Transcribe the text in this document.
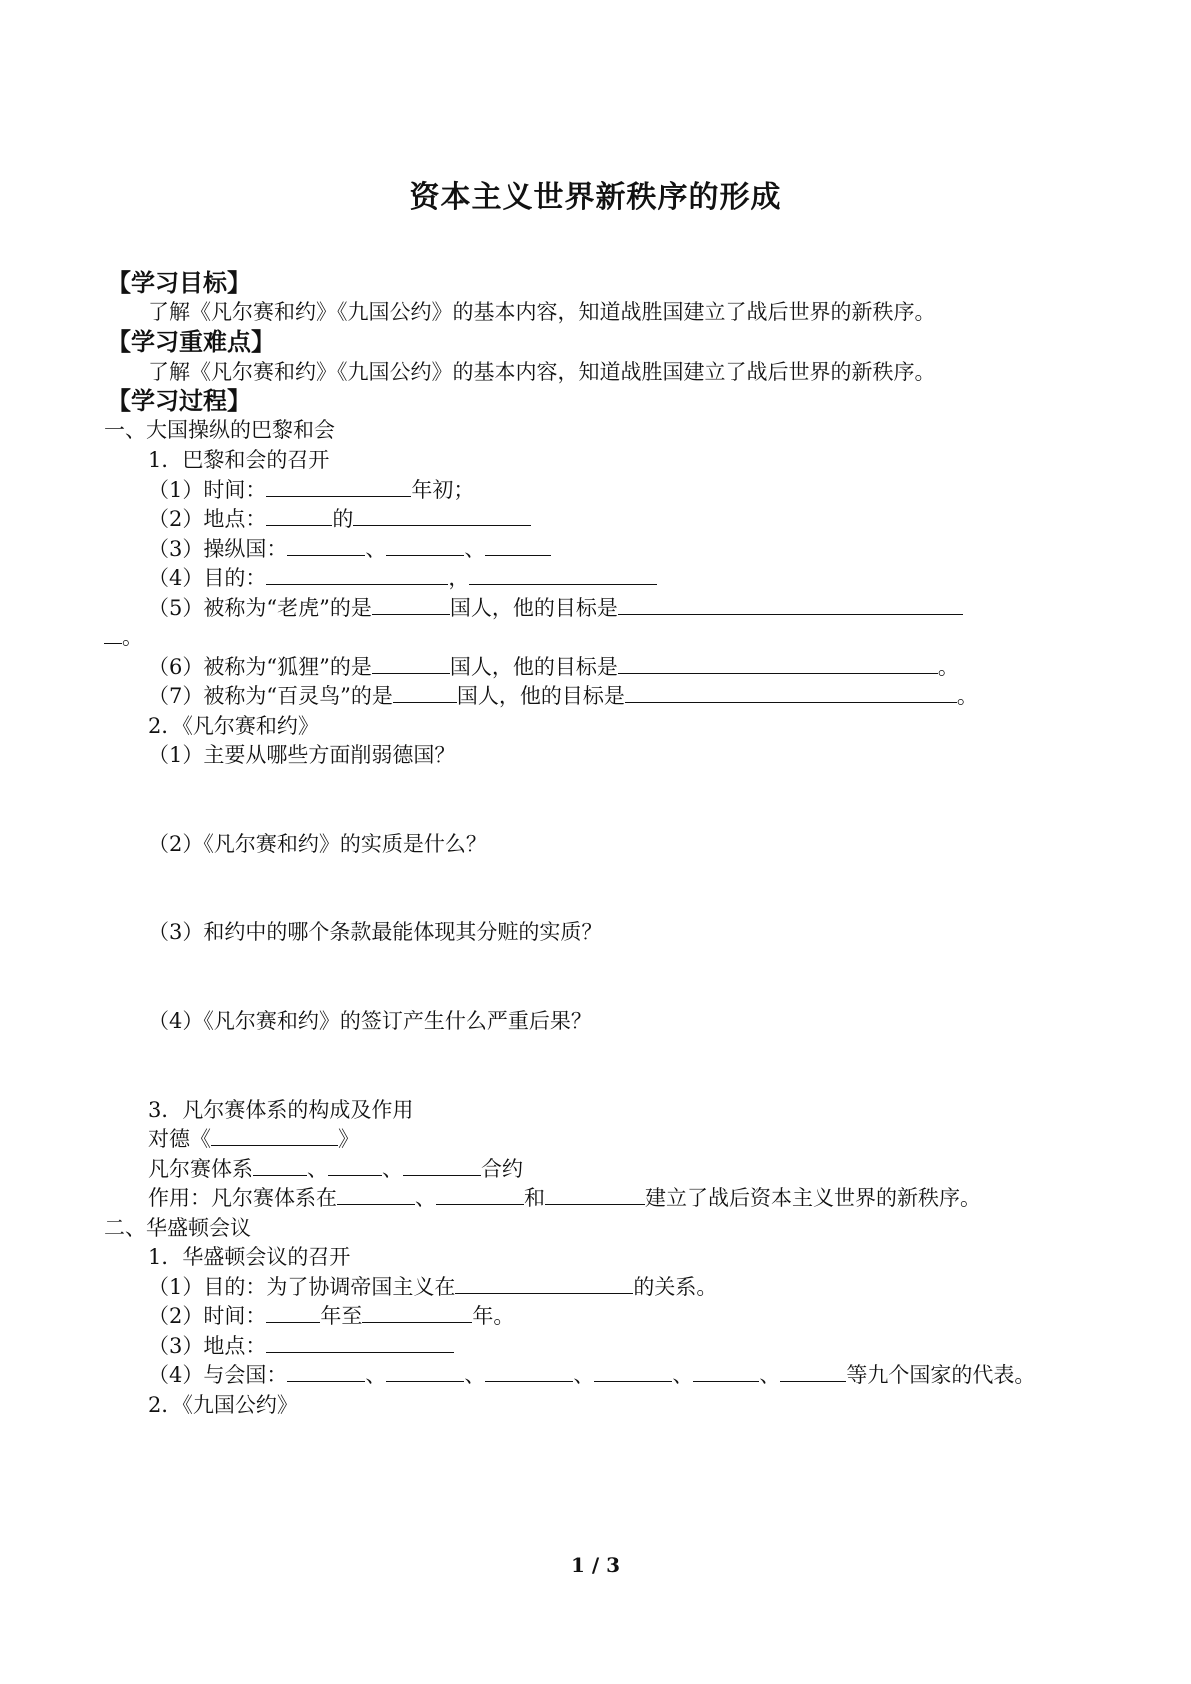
资本主义世界新秩序的形成
【学习目标】
了解《凡尔赛和约》《九国公约》的基本内容，知道战胜国建立了战后世界的新秩序。
【学习重难点】
了解《凡尔赛和约》《九国公约》的基本内容，知道战胜国建立了战后世界的新秩序。
【学习过程】
一、大国操纵的巴黎和会
1．巴黎和会的召开
（1）时间：	年初；
（2）地点：	的
（3）操纵国：	、	、
（4）目的：	，
（5）被称为“老虎”的是	国人，他的目标是
。
（6）被称为“狐狸”的是	国人，他的目标是	。
（7）被称为“百灵鸟”的是	国人，他的目标是	。
2．《凡尔赛和约》
（1）主要从哪些方面削弱德国？
（2）《凡尔赛和约》的实质是什么？
（3）和约中的哪个条款最能体现其分赃的实质？
（4）《凡尔赛和约》的签订产生什么严重后果？
3．凡尔赛体系的构成及作用
对德《	》
凡尔赛体系	、	、	合约
作用：凡尔赛体系在	、	和	建立了战后资本主义世界的新秩序。
二、华盛顿会议
1．华盛顿会议的召开
（1）目的：为了协调帝国主义在	的关系。
（2）时间：	年至	年。
（3）地点：
（4）与会国：	、	、	、	、	、	等九个国家的代表。
2．《九国公约》
1 / 3
